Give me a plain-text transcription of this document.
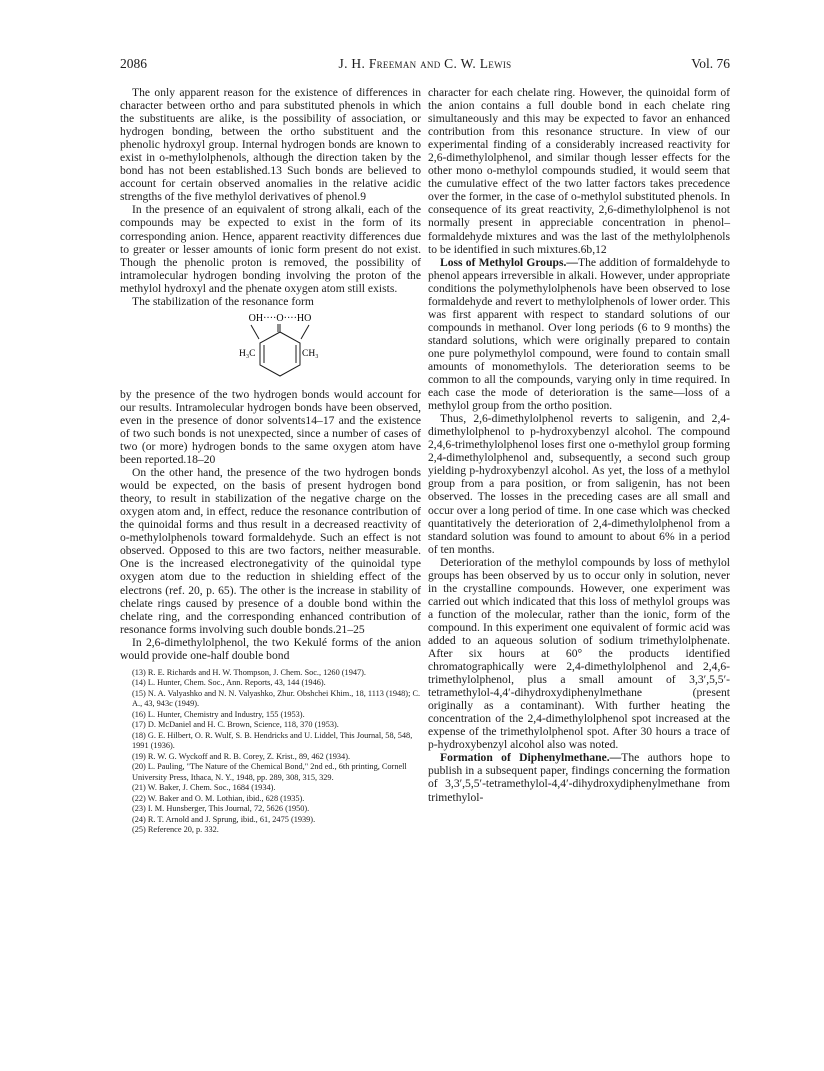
2086	J. H. Freeman and C. W. Lewis	Vol. 76

The only apparent reason for the existence of differences in character between ortho and para substituted phenols in which the substituents are alike, is the possibility of association, or hydrogen bonding, between the ortho substituent and the phenolic hydroxyl group. Internal hydrogen bonds are known to exist in o-methylolphenols, although the direction taken by the bond has not been established.13 Such bonds are believed to account for certain observed anomalies in the relative acidic strengths of the five methylol derivatives of phenol.9

In the presence of an equivalent of strong alkali, each of the compounds may be expected to exist in the form of its corresponding anion. Hence, apparent reactivity differences due to greater or lesser amounts of ionic form present do not exist. Though the phenolic proton is removed, the possibility of intramolecular hydrogen bonding involving the proton of the methylol hydroxyl and the phenate oxygen atom still exists.

The stabilization of the resonance form

OH····O····HO
H₃C	CH₃

by the presence of the two hydrogen bonds would account for our results. Intramolecular hydrogen bonds have been observed, even in the presence of donor solvents14–17 and the existence of two such bonds is not unexpected, since a number of cases of two (or more) hydrogen bonds to the same oxygen atom have been reported.18–20

On the other hand, the presence of the two hydrogen bonds would be expected, on the basis of present hydrogen bond theory, to result in stabilization of the negative charge on the oxygen atom and, in effect, reduce the resonance contribution of the quinoidal forms and thus result in a decreased reactivity of o-methylolphenols toward formaldehyde. Such an effect is not observed. Opposed to this are two factors, neither measurable. One is the increased electronegativity of the quinoidal type oxygen atom due to the reduction in shielding effect of the electrons (ref. 20, p. 65). The other is the increase in stability of chelate rings caused by presence of a double bond within the chelate ring, and the corresponding enhanced contribution of resonance forms involving such double bonds.21–25

In 2,6-dimethylolphenol, the two Kekulé forms of the anion would provide one-half double bond

(13) R. E. Richards and H. W. Thompson, J. Chem. Soc., 1260 (1947).
(14) L. Hunter, Chem. Soc., Ann. Reports, 43, 144 (1946).
(15) N. A. Valyashko and N. N. Valyashko, Zhur. Obshchei Khim., 18, 1113 (1948); C. A., 43, 943c (1949).
(16) L. Hunter, Chemistry and Industry, 155 (1953).
(17) D. McDaniel and H. C. Brown, Science, 118, 370 (1953).
(18) G. E. Hilbert, O. R. Wulf, S. B. Hendricks and U. Liddel, This Journal, 58, 548, 1991 (1936).
(19) R. W. G. Wyckoff and R. B. Corey, Z. Krist., 89, 462 (1934).
(20) L. Pauling, "The Nature of the Chemical Bond," 2nd ed., 6th printing, Cornell University Press, Ithaca, N. Y., 1948, pp. 289, 308, 315, 329.
(21) W. Baker, J. Chem. Soc., 1684 (1934).
(22) W. Baker and O. M. Lothian, ibid., 628 (1935).
(23) I. M. Hunsberger, This Journal, 72, 5626 (1950).
(24) R. T. Arnold and J. Sprung, ibid., 61, 2475 (1939).
(25) Reference 20, p. 332.

character for each chelate ring. However, the quinoidal form of the anion contains a full double bond in each chelate ring simultaneously and this may be expected to favor an enhanced contribution from this resonance structure. In view of our experimental finding of a considerably increased reactivity for 2,6-dimethylolphenol, and similar though lesser effects for the other mono o-methylol compounds studied, it would seem that the cumulative effect of the two latter factors takes precedence over the former, in the case of o-methylol substituted phenols. In consequence of its great reactivity, 2,6-dimethylolphenol is not normally present in appreciable concentration in phenol–formaldehyde mixtures and was the last of the methylolphenols to be identified in such mixtures.6b,12

Loss of Methylol Groups.—The addition of formaldehyde to phenol appears irreversible in alkali. However, under appropriate conditions the polymethylolphenols have been observed to lose formaldehyde and revert to methylolphenols of lower order. This was first apparent with respect to standard solutions of our compounds in methanol. Over long periods (6 to 9 months) the standard solutions, which were originally prepared to contain one pure polymethylol compound, were found to contain small amounts of monomethylols. The deterioration seems to be common to all the compounds, varying only in time required. In each case the mode of deterioration is the same—loss of a methylol group from the ortho position.

Thus, 2,6-dimethylolphenol reverts to saligenin, and 2,4-dimethylolphenol to p-hydroxybenzyl alcohol. The compound 2,4,6-trimethylolphenol loses first one o-methylol group forming 2,4-dimethylolphenol and, subsequently, a second such group yielding p-hydroxybenzyl alcohol. As yet, the loss of a methylol group from a para position, or from saligenin, has not been observed. The losses in the preceding cases are all small and occur over a long period of time. In one case which was checked quantitatively the deterioration of 2,4-dimethylolphenol from a standard solution was found to amount to about 6% in a period of ten months.

Deterioration of the methylol compounds by loss of methylol groups has been observed by us to occur only in solution, never in the crystalline compounds. However, one experiment was carried out which indicated that this loss of methylol groups was a function of the molecular, rather than the ionic, form of the compound. In this experiment one equivalent of formic acid was added to an aqueous solution of sodium trimethylolphenate. After six hours at 60° the products identified chromatographically were 2,4-dimethylolphenol and 2,4,6-trimethylolphenol, plus a small amount of 3,3′,5,5′-tetramethylol-4,4′-dihydroxydiphenylmethane (present originally as a contaminant). With further heating the concentration of the 2,4-dimethylolphenol spot increased at the expense of the trimethylolphenol spot. After 30 hours a trace of p-hydroxybenzyl alcohol also was noted.

Formation of Diphenylmethane.—The authors hope to publish in a subsequent paper, findings concerning the formation of 3,3′,5,5′-tetramethylol-4,4′-dihydroxydiphenylmethane from trimethylol-
